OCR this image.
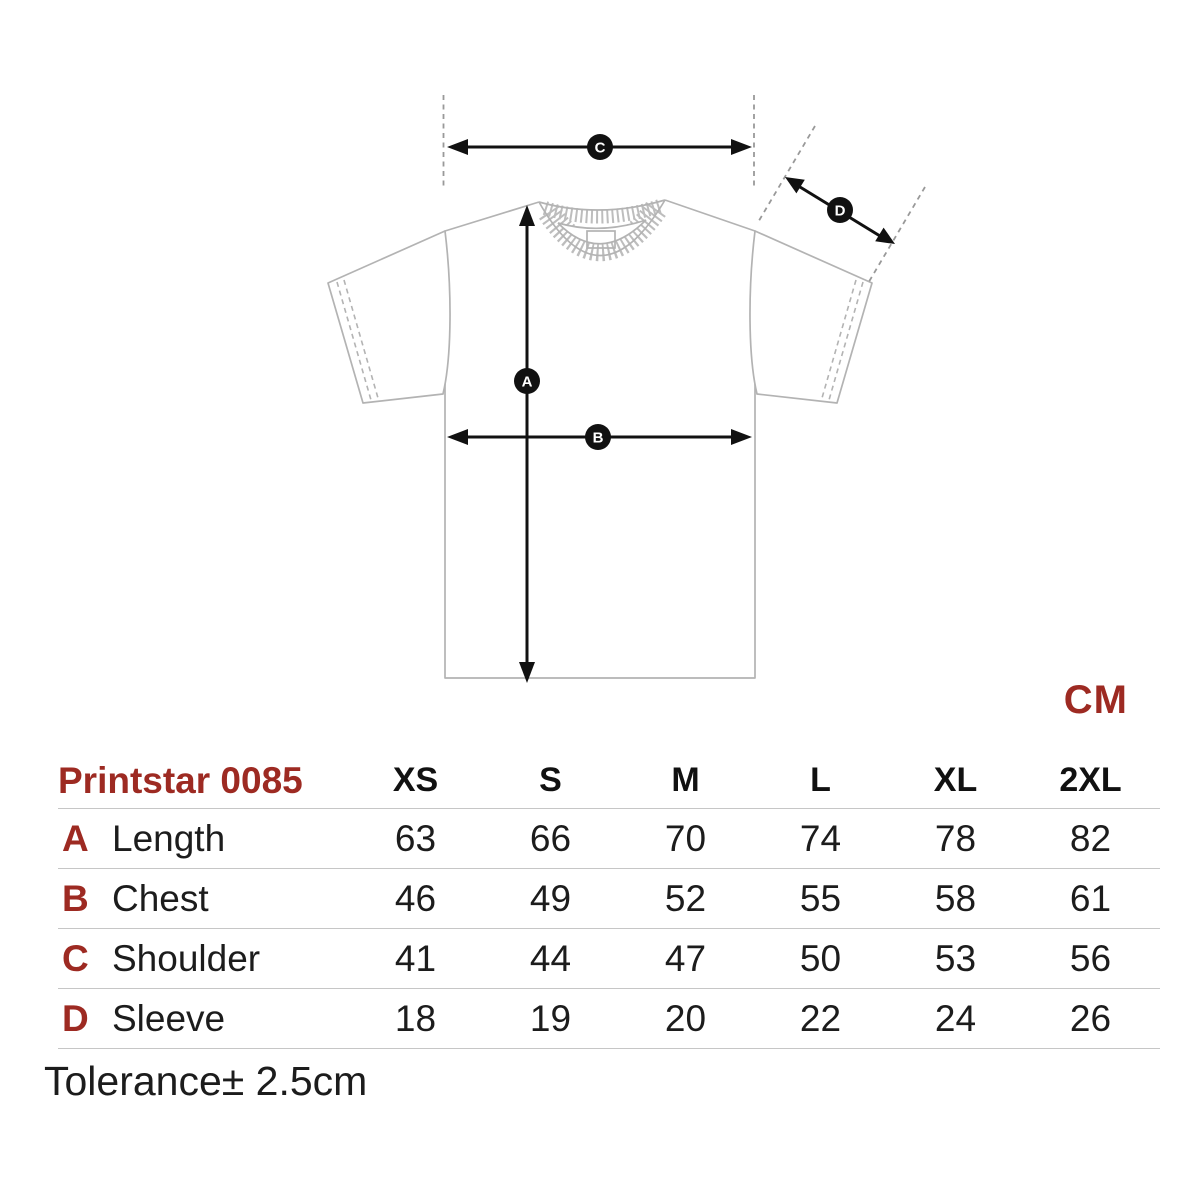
C
D
A
B
CM
Printstar 0085	XS	S	M	L	XL	2XL
A Length	63	66	70	74	78	82
B Chest	46	49	52	55	58	61
C Shoulder	41	44	47	50	53	56
D Sleeve	18	19	20	22	24	26
Tolerance± 2.5cm
